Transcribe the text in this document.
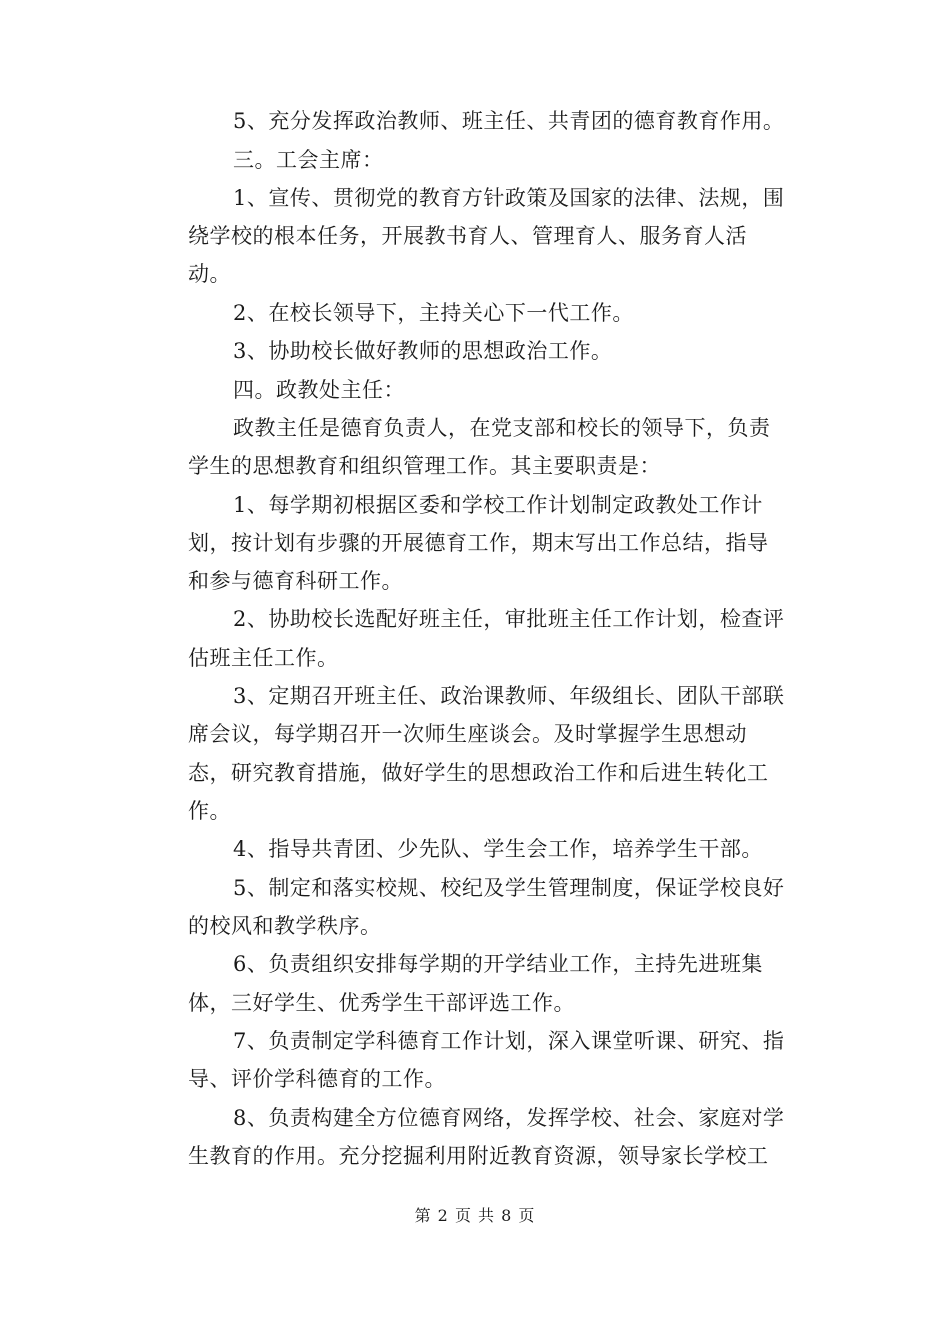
5、充分发挥政治教师、班主任、共青团的德育教育作用。
三。工会主席：
1、宣传、贯彻党的教育方针政策及国家的法律、法规，围
绕学校的根本任务，开展教书育人、管理育人、服务育人活
动。
2、在校长领导下，主持关心下一代工作。
3、协助校长做好教师的思想政治工作。
四。政教处主任：
政教主任是德育负责人，在党支部和校长的领导下，负责
学生的思想教育和组织管理工作。其主要职责是：
1、每学期初根据区委和学校工作计划制定政教处工作计
划，按计划有步骤的开展德育工作，期末写出工作总结，指导
和参与德育科研工作。
2、协助校长选配好班主任，审批班主任工作计划，检查评
估班主任工作。
3、定期召开班主任、政治课教师、年级组长、团队干部联
席会议，每学期召开一次师生座谈会。及时掌握学生思想动
态，研究教育措施，做好学生的思想政治工作和后进生转化工
作。
4、指导共青团、少先队、学生会工作，培养学生干部。
5、制定和落实校规、校纪及学生管理制度，保证学校良好
的校风和教学秩序。
6、负责组织安排每学期的开学结业工作，主持先进班集
体，三好学生、优秀学生干部评选工作。
7、负责制定学科德育工作计划，深入课堂听课、研究、指
导、评价学科德育的工作。
8、负责构建全方位德育网络，发挥学校、社会、家庭对学
生教育的作用。充分挖掘利用附近教育资源，领导家长学校工
第 2 页 共 8 页
